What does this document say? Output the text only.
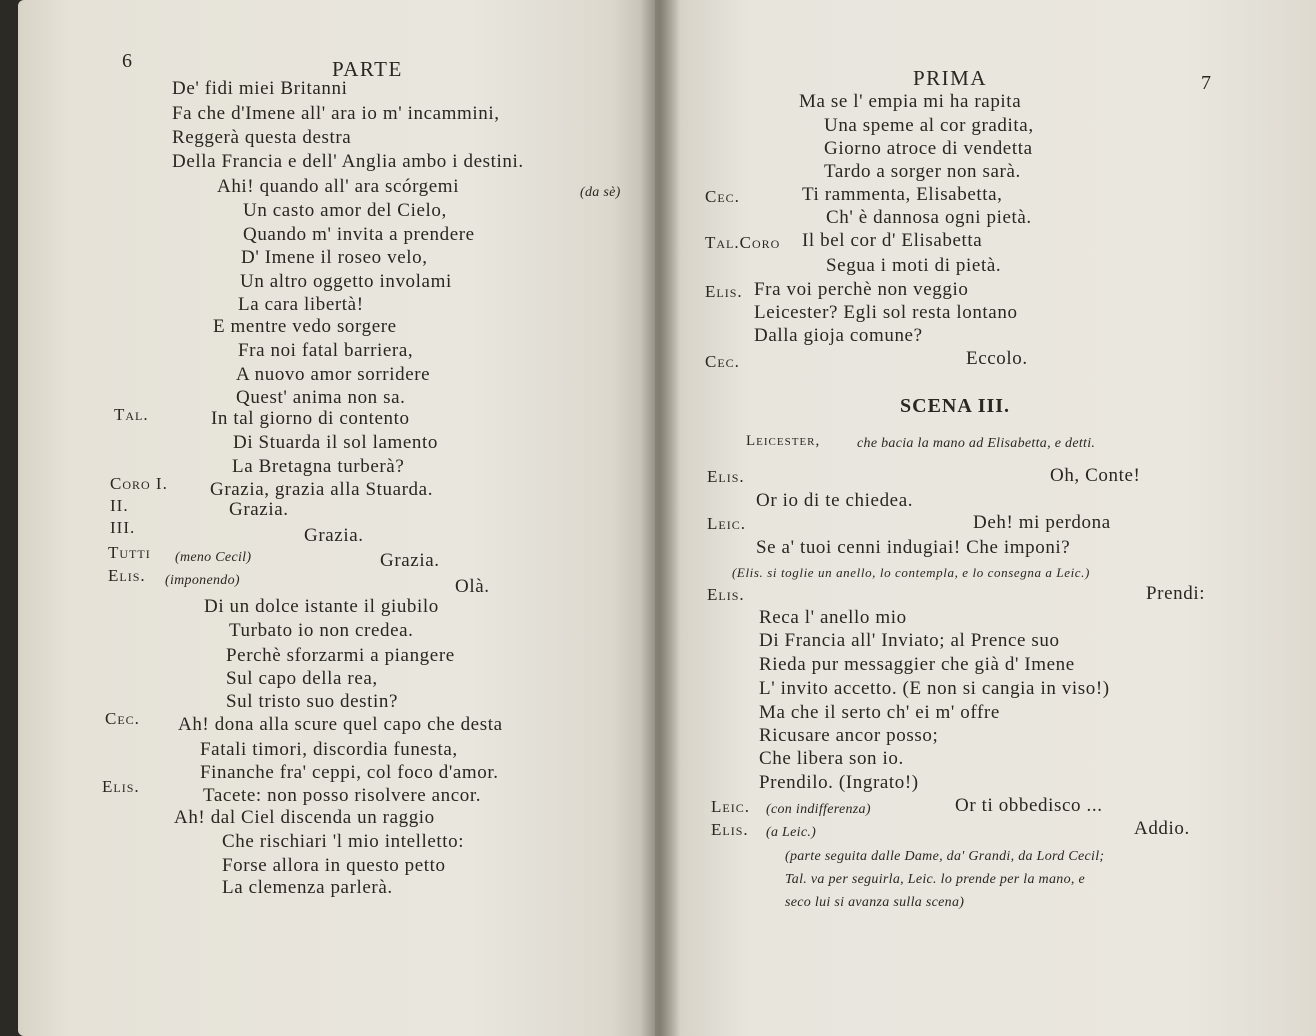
6	PARTE
De' fidi miei Britanni
Fa che d'Imene all' ara io m' incammini,
Reggerà questa destra
Della Francia e dell' Anglia ambo i destini.
Ahi! quando all' ara scórgemi	(da sè)
Un casto amor del Cielo,
Quando m' invita a prendere
D' Imene il roseo velo,
Un altro oggetto involami
La cara libertà!
E mentre vedo sorgere
Fra noi fatal barriera,
A nuovo amor sorridere
Quest' anima non sa.
Tal.	In tal giorno di contento
Di Stuarda il sol lamento
La Bretagna turberà?
Coro I. Grazia, grazia alla Stuarda.
II.	Grazia.
III.	Grazia.
Tutti (meno Cecil)	Grazia.
Elis. (imponendo)	Olà.
Di un dolce istante il giubilo
Turbato io non credea.
Perchè sforzarmi a piangere
Sul capo della rea,
Sul tristo suo destin?
Cec. Ah! dona alla scure quel capo che desta
Fatali timori, discordia funesta,
Finanche fra' ceppi, col foco d'amor.
Elis.	Tacete: non posso risolvere ancor.
Ah! dal Ciel discenda un raggio
Che rischiari 'l mio intelletto:
Forse allora in questo petto
La clemenza parlerà.
PRIMA	7
Ma se l' empia mi ha rapita
Una speme al cor gradita,
Giorno atroce di vendetta
Tardo a sorger non sarà.
Cec.	Ti rammenta, Elisabetta,
Ch' è dannosa ogni pietà.
Tal.Coro Il bel cor d' Elisabetta
Segua i moti di pietà.
Elis. Fra voi perchè non veggio
Leicester? Egli sol resta lontano
Dalla gioja comune?
Cec.	Eccolo.
SCENA III.
Leicester,	che bacia la mano ad Elisabetta, e detti.
Elis.	Oh, Conte!
Or io di te chiedea.
Leic.	Deh! mi perdona
Se a' tuoi cenni indugiai! Che imponi?
(Elis. si toglie un anello, lo contempla, e lo consegna a Leic.)
Elis.	Prendi:
Reca l' anello mio
Di Francia all' Inviato; al Prence suo
Rieda pur messaggier che già d' Imene
L' invito accetto. (E non si cangia in viso!)
Ma che il serto ch' ei m' offre
Ricusare ancor posso;
Che libera son io.
Prendilo. (Ingrato!)
Leic. (con indifferenza)	Or ti obbedisco ...
Elis. (a Leic.)	Addio.
(parte seguita dalle Dame, da' Grandi, da Lord Cecil;
Tal. va per seguirla, Leic. lo prende per la mano, e
seco lui si avanza sulla scena)
